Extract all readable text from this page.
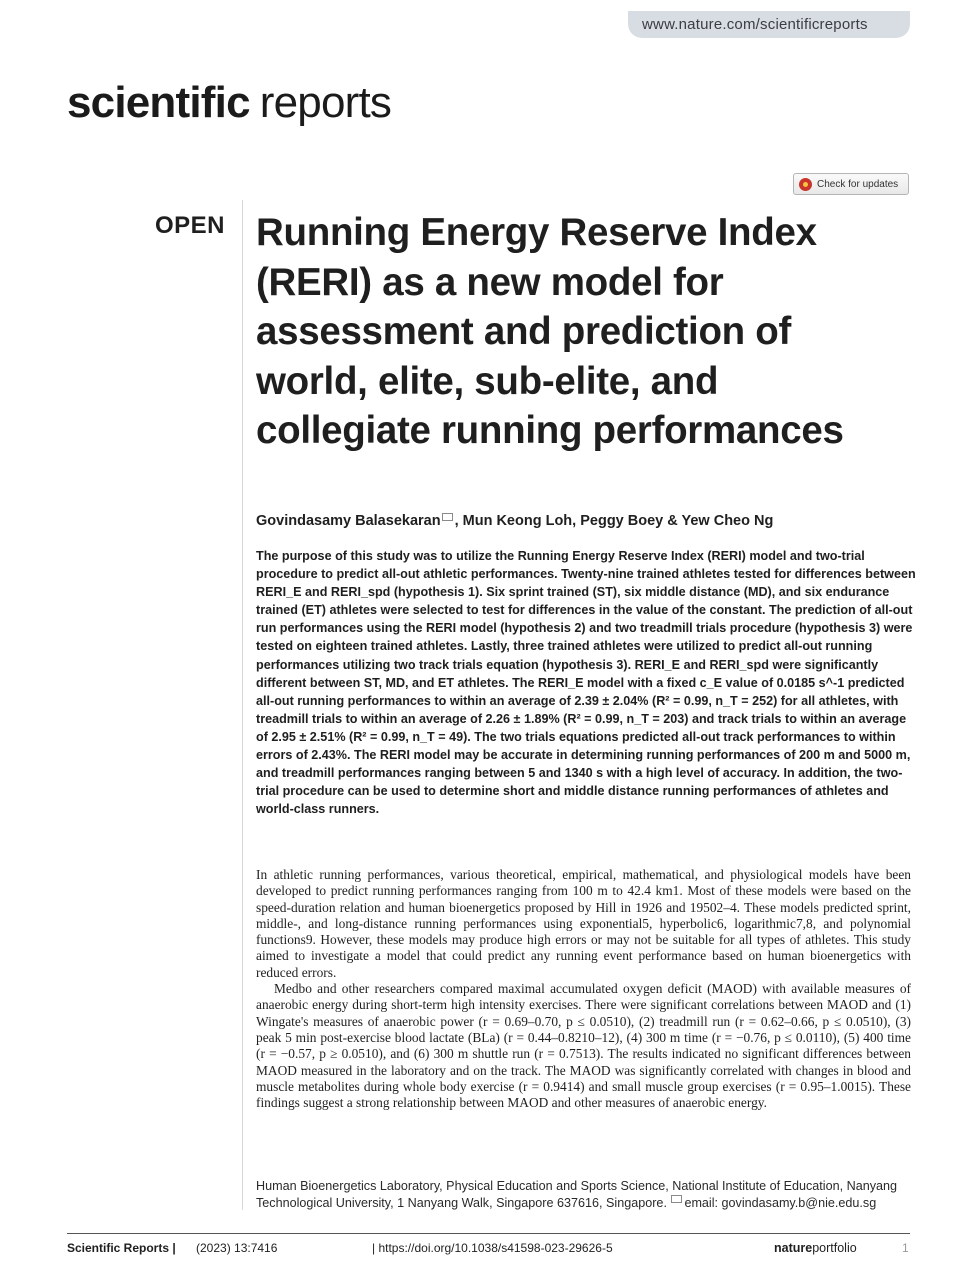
www.nature.com/scientificreports
scientific reports
Check for updates
OPEN Running Energy Reserve Index (RERI) as a new model for assessment and prediction of world, elite, sub-elite, and collegiate running performances
Govindasamy Balasekaran , Mun Keong Loh, Peggy Boey & Yew Cheo Ng

The purpose of this study was to utilize the Running Energy Reserve Index (RERI) model and two-trial procedure to predict all-out athletic performances. Twenty-nine trained athletes tested for differences between RERI_E and RERI_spd (hypothesis 1). Six sprint trained (ST), six middle distance (MD), and six endurance trained (ET) athletes were selected to test for differences in the value of the constant. The prediction of all-out run performances using the RERI model (hypothesis 2) and two treadmill trials procedure (hypothesis 3) were tested on eighteen trained athletes. Lastly, three trained athletes were utilized to predict all-out running performances utilizing two track trials equation (hypothesis 3). RERI_E and RERI_spd were significantly different between ST, MD, and ET athletes. The RERI_E model with a fixed c_E value of 0.0185 s^-1 predicted all-out running performances to within an average of 2.39 ± 2.04% (R² = 0.99, n_T = 252) for all athletes, with treadmill trials to within an average of 2.26 ± 1.89% (R² = 0.99, n_T = 203) and track trials to within an average of 2.95 ± 2.51% (R² = 0.99, n_T = 49). The two trials equations predicted all-out track performances to within errors of 2.43%. The RERI model may be accurate in determining running performances of 200 m and 5000 m, and treadmill performances ranging between 5 and 1340 s with a high level of accuracy. In addition, the two-trial procedure can be used to determine short and middle distance running performances of athletes and world-class runners.

In athletic running performances, various theoretical, empirical, mathematical, and physiological models have been developed to predict running performances ranging from 100 m to 42.4 km1. Most of these models were based on the speed-duration relation and human bioenergetics proposed by Hill in 1926 and 19502–4. These models predicted sprint, middle-, and long-distance running performances using exponential5, hyperbolic6, logarithmic7,8, and polynomial functions9. However, these models may produce high errors or may not be suitable for all types of athletes. This study aimed to investigate a model that could predict any running event performance based on human bioenergetics with reduced errors.

Medbo and other researchers compared maximal accumulated oxygen deficit (MAOD) with available measures of anaerobic energy during short-term high intensity exercises. There were significant correlations between MAOD and (1) Wingate's measures of anaerobic power (r = 0.69–0.70, p ≤ 0.0510), (2) treadmill run (r = 0.62–0.66, p ≤ 0.0510), (3) peak 5 min post-exercise blood lactate (BLa) (r = 0.44–0.8210–12), (4) 300 m time (r = −0.76, p ≤ 0.0110), (5) 400 time (r = −0.57, p ≥ 0.0510), and (6) 300 m shuttle run (r = 0.7513). The results indicated no significant differences between MAOD measured in the laboratory and on the track. The MAOD was significantly correlated with changes in blood and muscle metabolites during whole body exercise (r = 0.9414) and small muscle group exercises (r = 0.95–1.0015). These findings suggest a strong relationship between MAOD and other measures of anaerobic energy.

Human Bioenergetics Laboratory, Physical Education and Sports Science, National Institute of Education, Nanyang Technological University, 1 Nanyang Walk, Singapore 637616, Singapore. email: govindasamy.b@nie.edu.sg

Scientific Reports | (2023) 13:7416	| https://doi.org/10.1038/s41598-023-29626-5	natureportfolio	1
